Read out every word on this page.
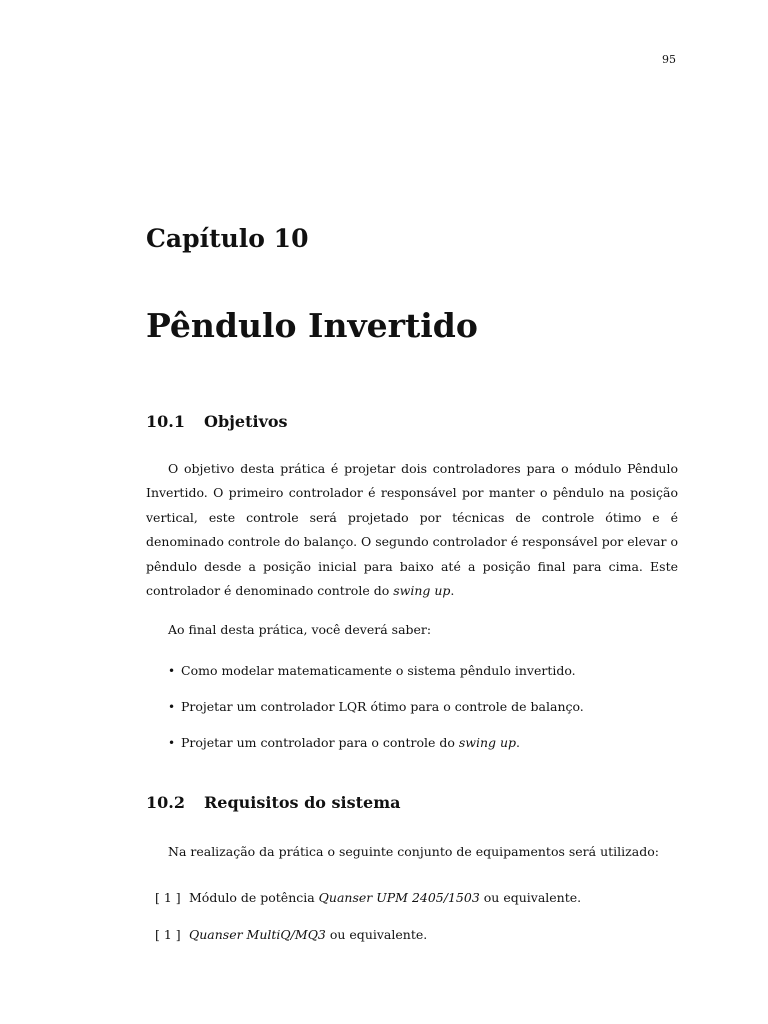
95
Capítulo 10
Pêndulo Invertido
10.1 Objetivos

O objetivo desta prática é projetar dois controladores para o módulo Pêndulo Invertido. O primeiro controlador é responsável por manter o pêndulo na posição vertical, este controle será projetado por técnicas de controle ótimo e é denominado controle do balanço. O segundo controlador é responsável por elevar o pêndulo desde a posição inicial para baixo até a posição final para cima. Este controlador é denominado controle do swing up.

Ao final desta prática, você deverá saber:

• Como modelar matematicamente o sistema pêndulo invertido.
• Projetar um controlador LQR ótimo para o controle de balanço.
• Projetar um controlador para o controle do swing up.
10.2 Requisitos do sistema

Na realização da prática o seguinte conjunto de equipamentos será utilizado:

[ 1 ] Módulo de potência Quanser UPM 2405/1503 ou equivalente.
[ 1 ] Quanser MultiQ/MQ3 ou equivalente.
